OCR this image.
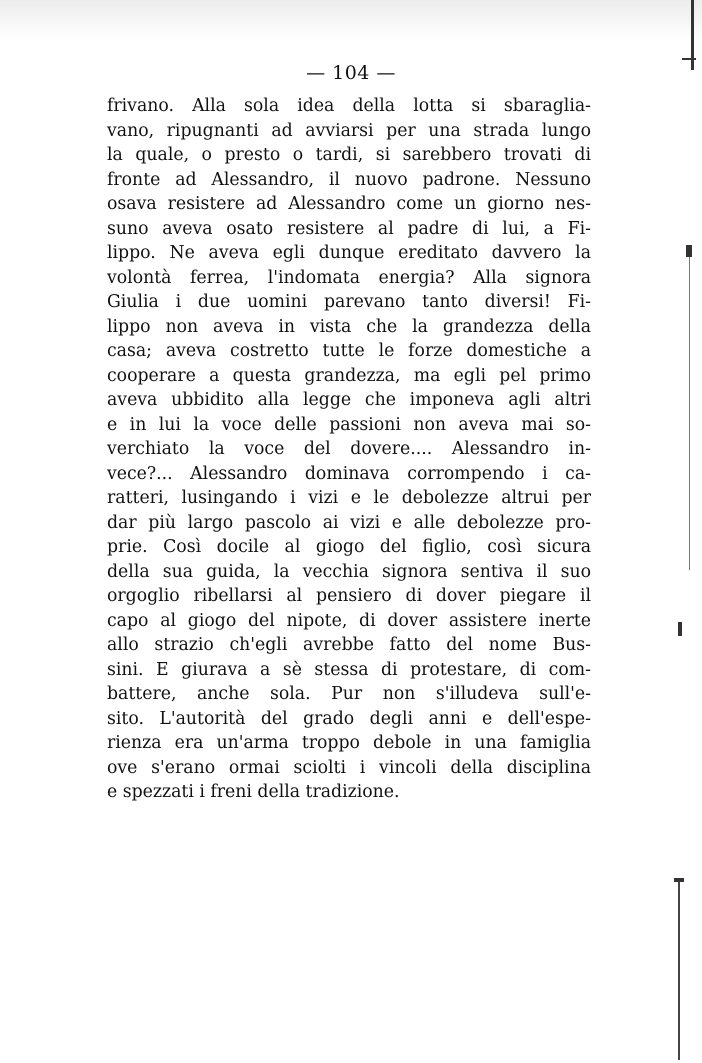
— 104 —
frivano. Alla sola idea della lotta si sbaraglia-
vano, ripugnanti ad avviarsi per una strada lungo
la quale, o presto o tardi, si sarebbero trovati di
fronte ad Alessandro, il nuovo padrone. Nessuno
osava resistere ad Alessandro come un giorno nes-
suno aveva osato resistere al padre di lui, a Fi-
lippo. Ne aveva egli dunque ereditato davvero la
volontà ferrea, l'indomata energia? Alla signora
Giulia i due uomini parevano tanto diversi! Fi-
lippo non aveva in vista che la grandezza della
casa; aveva costretto tutte le forze domestiche a
cooperare a questa grandezza, ma egli pel primo
aveva ubbidito alla legge che imponeva agli altri
e in lui la voce delle passioni non aveva mai so-
verchiato la voce del dovere.... Alessandro in-
vece?... Alessandro dominava corrompendo i ca-
ratteri, lusingando i vizi e le debolezze altrui per
dar più largo pascolo ai vizi e alle debolezze pro-
prie. Così docile al giogo del figlio, così sicura
della sua guida, la vecchia signora sentiva il suo
orgoglio ribellarsi al pensiero di dover piegare il
capo al giogo del nipote, di dover assistere inerte
allo strazio ch'egli avrebbe fatto del nome Bus-
sini. E giurava a sè stessa di protestare, di com-
battere, anche sola. Pur non s'illudeva sull'e-
sito. L'autorità del grado degli anni e dell'espe-
rienza era un'arma troppo debole in una famiglia
ove s'erano ormai sciolti i vincoli della disciplina
e spezzati i freni della tradizione.
